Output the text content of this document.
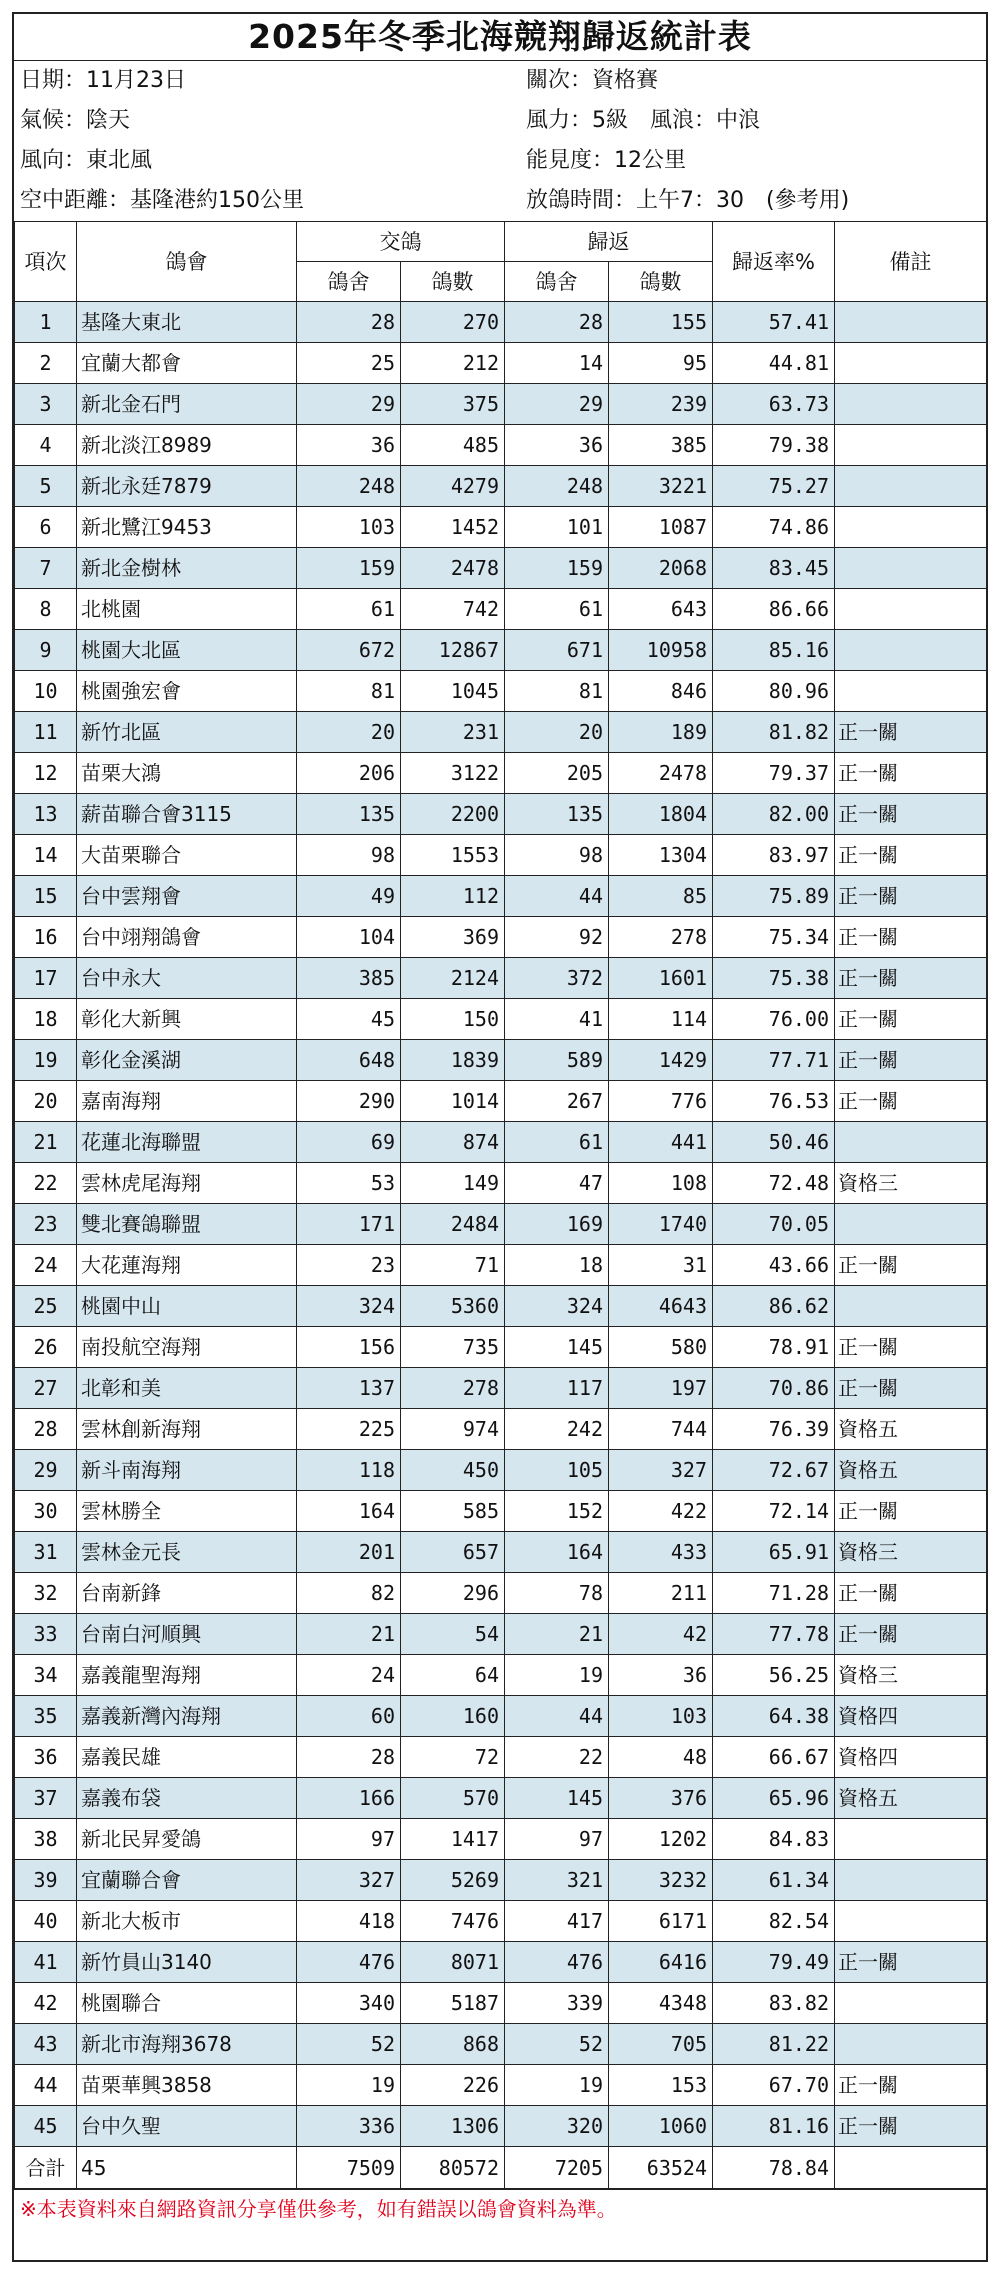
2025年冬季北海競翔歸返統計表
日期：11月23日	關次：資格賽
氣候：陰天	風力：5級　風浪：中浪
風向：東北風	能見度：12公里
空中距離：基隆港約150公里	放鴿時間：上午7：30　(參考用)
項次	鴿會	交鴿		歸返		歸返率%	備註
		鴿舍	鴿數	鴿舍	鴿數		
1	基隆大東北	28	270	28	155	57.41	
2	宜蘭大都會	25	212	14	95	44.81	
3	新北金石門	29	375	29	239	63.73	
4	新北淡江8989	36	485	36	385	79.38	
5	新北永廷7879	248	4279	248	3221	75.27	
6	新北鷺江9453	103	1452	101	1087	74.86	
7	新北金樹林	159	2478	159	2068	83.45	
8	北桃園	61	742	61	643	86.66	
9	桃園大北區	672	12867	671	10958	85.16	
10	桃園強宏會	81	1045	81	846	80.96	
11	新竹北區	20	231	20	189	81.82	正一關
12	苗栗大鴻	206	3122	205	2478	79.37	正一關
13	薪苗聯合會3115	135	2200	135	1804	82.00	正一關
14	大苗栗聯合	98	1553	98	1304	83.97	正一關
15	台中雲翔會	49	112	44	85	75.89	正一關
16	台中翊翔鴿會	104	369	92	278	75.34	正一關
17	台中永大	385	2124	372	1601	75.38	正一關
18	彰化大新興	45	150	41	114	76.00	正一關
19	彰化金溪湖	648	1839	589	1429	77.71	正一關
20	嘉南海翔	290	1014	267	776	76.53	正一關
21	花蓮北海聯盟	69	874	61	441	50.46	
22	雲林虎尾海翔	53	149	47	108	72.48	資格三
23	雙北賽鴿聯盟	171	2484	169	1740	70.05	
24	大花蓮海翔	23	71	18	31	43.66	正一關
25	桃園中山	324	5360	324	4643	86.62	
26	南投航空海翔	156	735	145	580	78.91	正一關
27	北彰和美	137	278	117	197	70.86	正一關
28	雲林創新海翔	225	974	242	744	76.39	資格五
29	新斗南海翔	118	450	105	327	72.67	資格五
30	雲林勝全	164	585	152	422	72.14	正一關
31	雲林金元長	201	657	164	433	65.91	資格三
32	台南新鋒	82	296	78	211	71.28	正一關
33	台南白河順興	21	54	21	42	77.78	正一關
34	嘉義龍聖海翔	24	64	19	36	56.25	資格三
35	嘉義新灣內海翔	60	160	44	103	64.38	資格四
36	嘉義民雄	28	72	22	48	66.67	資格四
37	嘉義布袋	166	570	145	376	65.96	資格五
38	新北民昇愛鴿	97	1417	97	1202	84.83	
39	宜蘭聯合會	327	5269	321	3232	61.34	
40	新北大板市	418	7476	417	6171	82.54	
41	新竹員山3140	476	8071	476	6416	79.49	正一關
42	桃園聯合	340	5187	339	4348	83.82	
43	新北市海翔3678	52	868	52	705	81.22	
44	苗栗華興3858	19	226	19	153	67.70	正一關
45	台中久聖	336	1306	320	1060	81.16	正一關
合計	45	7509	80572	7205	63524	78.84	
※本表資料來自網路資訊分享僅供參考，如有錯誤以鴿會資料為準。
